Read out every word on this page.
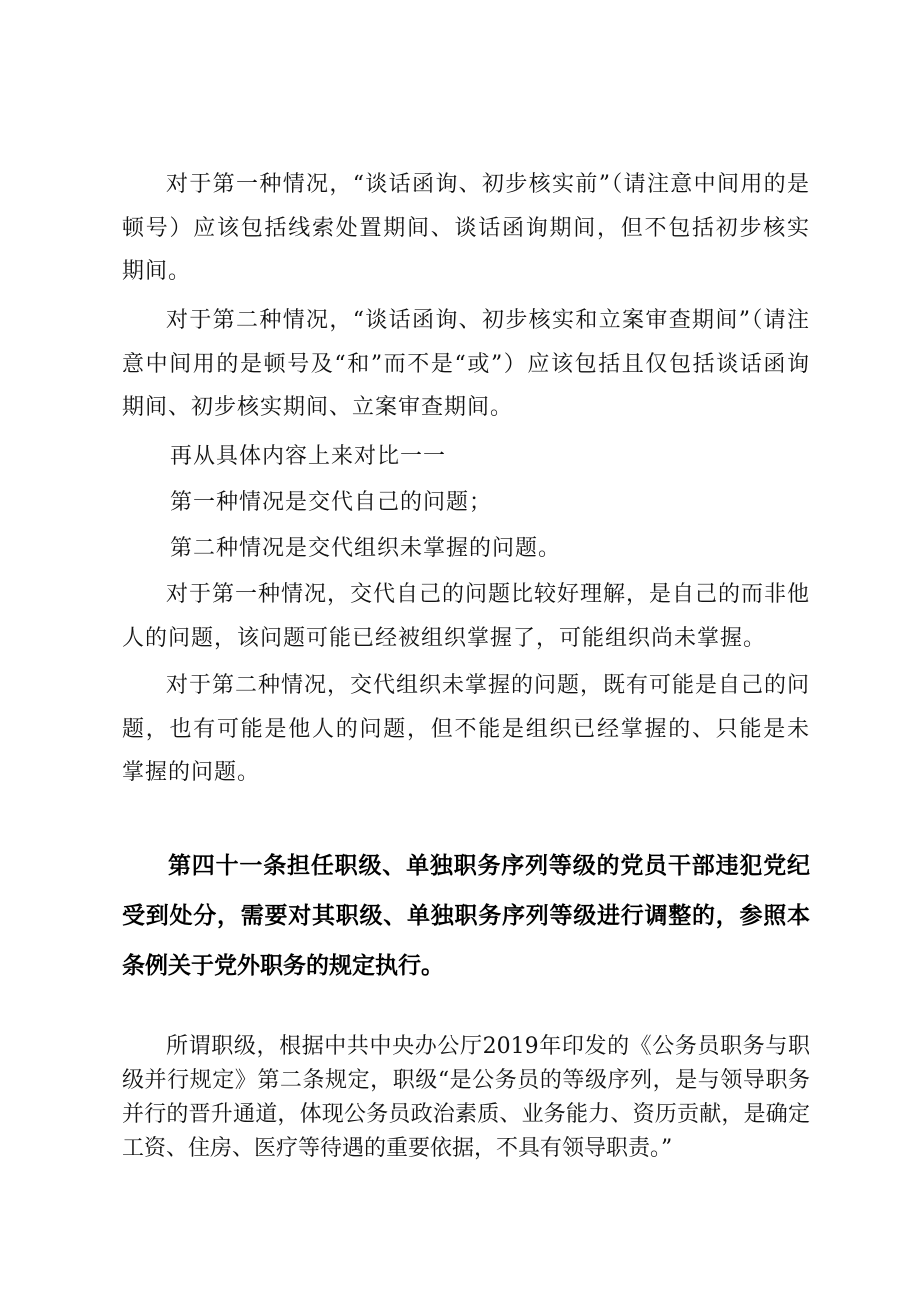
对于第一种情况，“谈话函询、初步核实前”（请注意中间用的是顿号）应该包括线索处置期间、谈话函询期间，但不包括初步核实期间。

对于第二种情况，“谈话函询、初步核实和立案审查期间”（请注意中间用的是顿号及“和”而不是“或”）应该包括且仅包括谈话函询期间、初步核实期间、立案审查期间。

再从具体内容上来对比一一

第一种情况是交代自己的问题；

第二种情况是交代组织未掌握的问题。

对于第一种情况，交代自己的问题比较好理解，是自己的而非他人的问题，该问题可能已经被组织掌握了，可能组织尚未掌握。

对于第二种情况，交代组织未掌握的问题，既有可能是自己的问题，也有可能是他人的问题，但不能是组织已经掌握的、只能是未掌握的问题。

第四十一条担任职级、单独职务序列等级的党员干部违犯党纪受到处分，需要对其职级、单独职务序列等级进行调整的，参照本条例关于党外职务的规定执行。

所谓职级，根据中共中央办公厅2019年印发的《公务员职务与职级并行规定》第二条规定，职级“是公务员的等级序列，是与领导职务并行的晋升通道，体现公务员政治素质、业务能力、资历贡献，是确定工资、住房、医疗等待遇的重要依据，不具有领导职责。”
